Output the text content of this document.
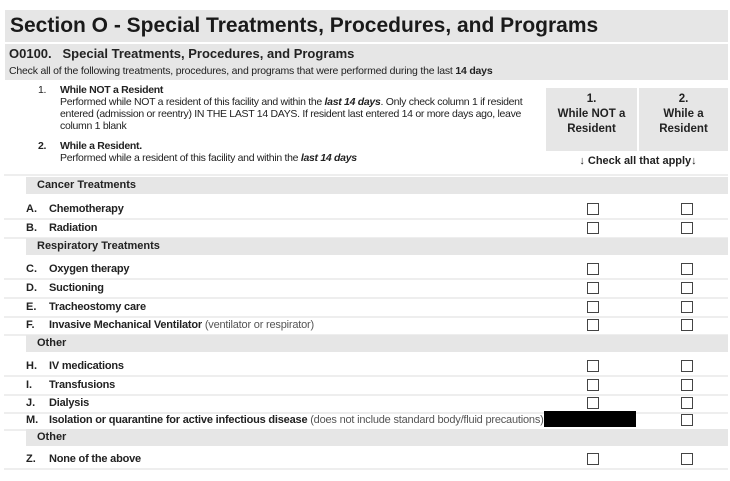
Section O - Special Treatments, Procedures, and Programs
O0100. Special Treatments, Procedures, and Programs
Check all of the following treatments, procedures, and programs that were performed during the last 14 days
1.	While NOT a Resident
Performed while NOT a resident of this facility and within the last 14 days. Only check column 1 if resident entered (admission or reentry) IN THE LAST 14 DAYS. If resident last entered 14 or more days ago, leave column 1 blank
2.	While a Resident.
Performed while a resident of this facility and within the last 14 days
1.
While NOT a Resident
2.
While a Resident
↓ Check all that apply↓
Cancer Treatments
A. Chemotherapy
B. Radiation
C. Oxygen therapy
D. Suctioning
E. Tracheostomy care
F. Invasive Mechanical Ventilator (ventilator or respirator)
H. IV medications
I. Transfusions
J. Dialysis
M. Isolation or quarantine for active infectious disease (does not include standard body/fluid precautions)
Z. None of the above
Respiratory Treatments
Other
Other
